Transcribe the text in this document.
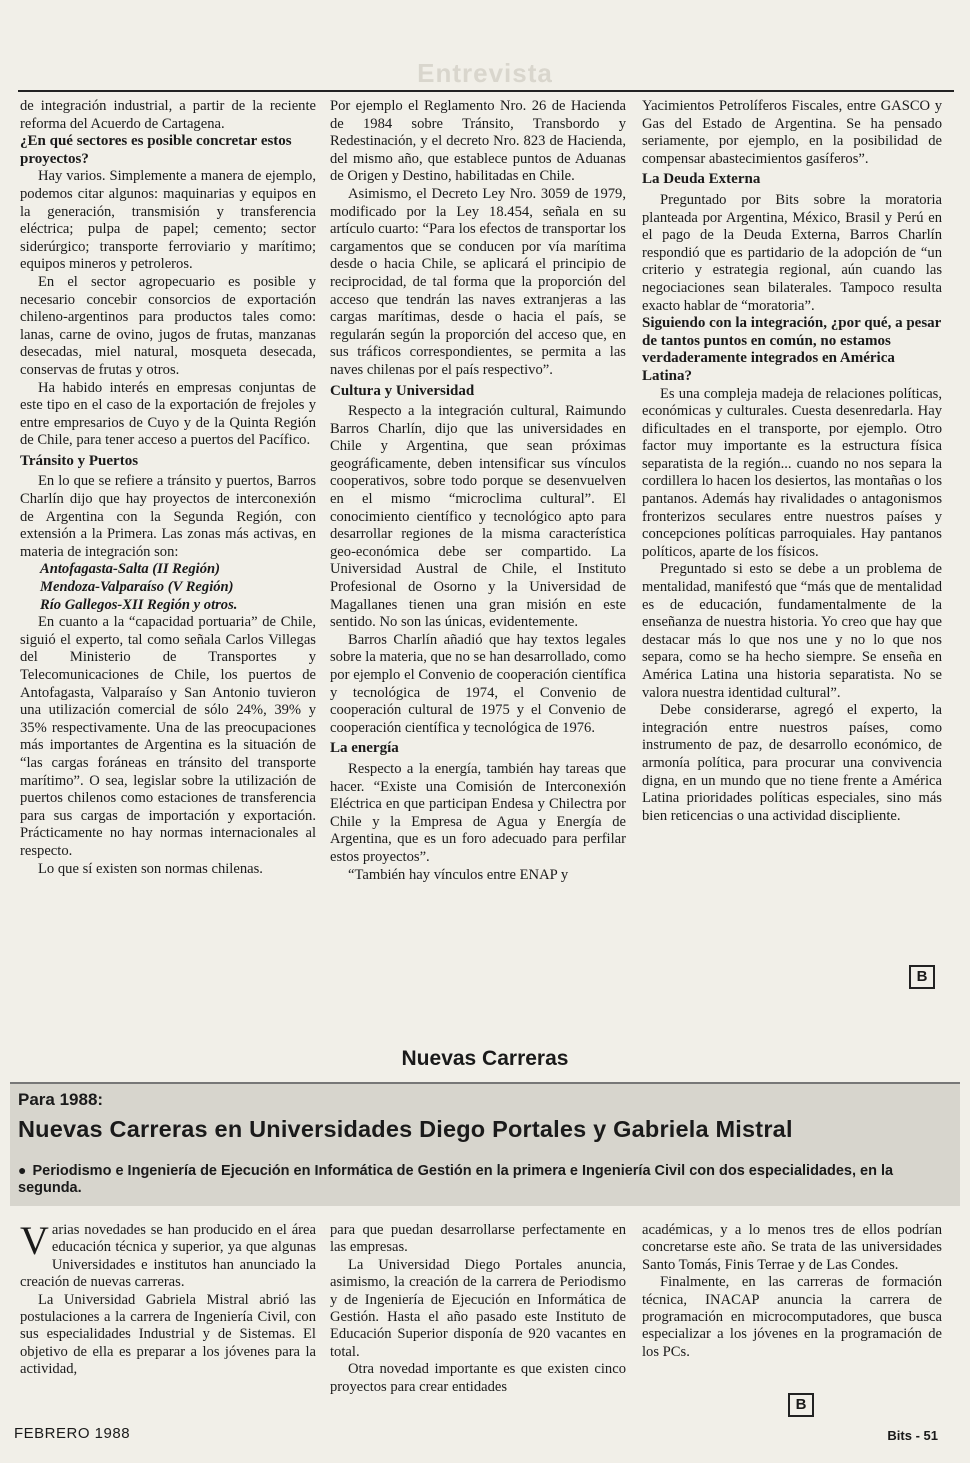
Entrevista

de integración industrial, a partir de la reciente reforma del Acuerdo de Cartagena.

¿En qué sectores es posible concretar estos proyectos?

Hay varios. Simplemente a manera de ejemplo, podemos citar algunos: maquinarias y equipos en la generación, transmisión y transferencia eléctrica; pulpa de papel; cemento; sector siderúrgico; transporte ferroviario y marítimo; equipos mineros y petroleros.

En el sector agropecuario es posible y necesario concebir consorcios de exportación chileno-argentinos para productos tales como: lanas, carne de ovino, jugos de frutas, manzanas desecadas, miel natural, mosqueta desecada, conservas de frutas y otros.

Ha habido interés en empresas conjuntas de este tipo en el caso de la exportación de frejoles y entre empresarios de Cuyo y de la Quinta Región de Chile, para tener acceso a puertos del Pacífico.

Tránsito y Puertos

En lo que se refiere a tránsito y puertos, Barros Charlín dijo que hay proyectos de interconexión de Argentina con la Segunda Región, con extensión a la Primera. Las zonas más activas, en materia de integración son:

Antofagasta-Salta (II Región)

Mendoza-Valparaíso (V Región)

Río Gallegos-XII Región y otros.

En cuanto a la “capacidad portuaria” de Chile, siguió el experto, tal como señala Carlos Villegas del Ministerio de Transportes y Telecomunicaciones de Chile, los puertos de Antofagasta, Valparaíso y San Antonio tuvieron una utilización comercial de sólo 24%, 39% y 35% respectivamente. Una de las preocupaciones más importantes de Argentina es la situación de “las cargas foráneas en tránsito del transporte marítimo”. O sea, legislar sobre la utilización de puertos chilenos como estaciones de transferencia para sus cargas de importación y exportación. Prácticamente no hay normas internacionales al respecto.

Lo que sí existen son normas chilenas.

Por ejemplo el Reglamento Nro. 26 de Hacienda de 1984 sobre Tránsito, Transbordo y Redestinación, y el decreto Nro. 823 de Hacienda, del mismo año, que establece puntos de Aduanas de Origen y Destino, habilitadas en Chile.

Asimismo, el Decreto Ley Nro. 3059 de 1979, modificado por la Ley 18.454, señala en su artículo cuarto: “Para los efectos de transportar los cargamentos que se conducen por vía marítima desde o hacia Chile, se aplicará el principio de reciprocidad, de tal forma que la proporción del acceso que tendrán las naves extranjeras a las cargas marítimas, desde o hacia el país, se regularán según la proporción del acceso que, en sus tráficos correspondientes, se permita a las naves chilenas por el país respectivo”.

Cultura y Universidad

Respecto a la integración cultural, Raimundo Barros Charlín, dijo que las universidades en Chile y Argentina, que sean próximas geográficamente, deben intensificar sus vínculos cooperativos, sobre todo porque se desenvuelven en el mismo “microclima cultural”. El conocimiento científico y tecnológico apto para desarrollar regiones de la misma característica geo-económica debe ser compartido. La Universidad Austral de Chile, el Instituto Profesional de Osorno y la Universidad de Magallanes tienen una gran misión en este sentido. No son las únicas, evidentemente.

Barros Charlín añadió que hay textos legales sobre la materia, que no se han desarrollado, como por ejemplo el Convenio de cooperación científica y tecnológica de 1974, el Convenio de cooperación cultural de 1975 y el Convenio de cooperación científica y tecnológica de 1976.

La energía

Respecto a la energía, también hay tareas que hacer. “Existe una Comisión de Interconexión Eléctrica en que participan Endesa y Chilectra por Chile y la Empresa de Agua y Energía de Argentina, que es un foro adecuado para perfilar estos proyectos”.

“También hay vínculos entre ENAP y

Yacimientos Petrolíferos Fiscales, entre GASCO y Gas del Estado de Argentina. Se ha pensado seriamente, por ejemplo, en la posibilidad de compensar abastecimientos gasíferos”.

La Deuda Externa

Preguntado por Bits sobre la moratoria planteada por Argentina, México, Brasil y Perú en el pago de la Deuda Externa, Barros Charlín respondió que es partidario de la adopción de “un criterio y estrategia regional, aún cuando las negociaciones sean bilaterales. Tampoco resulta exacto hablar de “moratoria”.

Siguiendo con la integración, ¿por qué, a pesar de tantos puntos en común, no estamos verdaderamente integrados en América Latina?

Es una compleja madeja de relaciones políticas, económicas y culturales. Cuesta desenredarla. Hay dificultades en el transporte, por ejemplo. Otro factor muy importante es la estructura física separatista de la región... cuando no nos separa la cordillera lo hacen los desiertos, las montañas o los pantanos. Además hay rivalidades o antagonismos fronterizos seculares entre nuestros países y concepciones políticas parroquiales. Hay pantanos políticos, aparte de los físicos.

Preguntado si esto se debe a un problema de mentalidad, manifestó que “más que de mentalidad es de educación, fundamentalmente de la enseñanza de nuestra historia. Yo creo que hay que destacar más lo que nos une y no lo que nos separa, como se ha hecho siempre. Se enseña en América Latina una historia separatista. No se valora nuestra identidad cultural”.

Debe considerarse, agregó el experto, la integración entre nuestros países, como instrumento de paz, de desarrollo económico, de armonía política, para procurar una convivencia digna, en un mundo que no tiene frente a América Latina prioridades políticas especiales, sino más bien reticencias o una actividad discipliente.

B
Nuevas Carreras
Para 1988:
Nuevas Carreras en Universidades Diego Portales y Gabriela Mistral
● Periodismo e Ingeniería de Ejecución en Informática de Gestión en la primera e Ingeniería Civil con dos especialidades, en la segunda.
V arias novedades se han producido en el área educación técnica y superior, ya que algunas Universidades e institutos han anunciado la creación de nuevas carreras.

La Universidad Gabriela Mistral abrió las postulaciones a la carrera de Ingeniería Civil, con sus especialidades Industrial y de Sistemas. El objetivo de ella es preparar a los jóvenes para la actividad,

para que puedan desarrollarse perfectamente en las empresas.

La Universidad Diego Portales anuncia, asimismo, la creación de la carrera de Periodismo y de Ingeniería de Ejecución en Informática de Gestión. Hasta el año pasado este Instituto de Educación Superior disponía de 920 vacantes en total.

Otra novedad importante es que existen cinco proyectos para crear entidades

académicas, y a lo menos tres de ellos podrían concretarse este año. Se trata de las universidades Santo Tomás, Finis Terrae y de Las Condes.

Finalmente, en las carreras de formación técnica, INACAP anuncia la carrera de programación en microcomputadores, que busca especializar a los jóvenes en la programación de los PCs.

B
FEBRERO 1988	Bits - 51
